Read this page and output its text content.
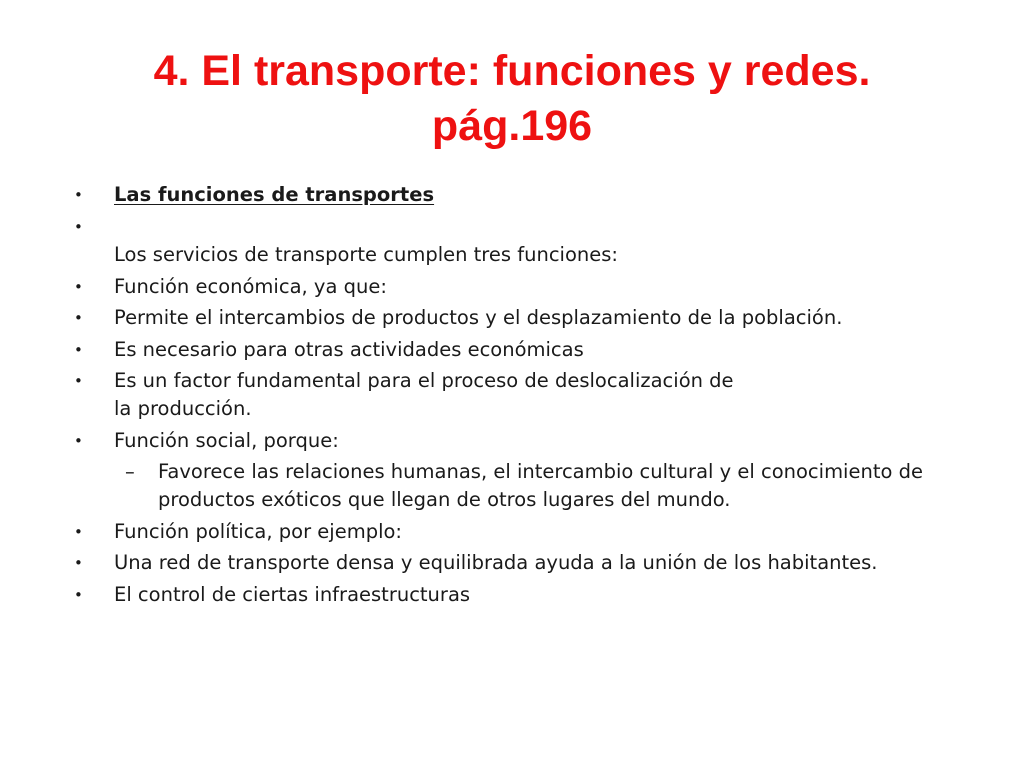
4. El transporte: funciones y redes.
pág.196
•	Las funciones de transportes
•
Los servicios de transporte cumplen tres funciones:
•	Función económica, ya que:
•	Permite el intercambios de productos y el desplazamiento de la población.
•	Es necesario para otras actividades económicas
•	Es un factor fundamental para el proceso de deslocalización de
la producción.
•	Función social, porque:
–	Favorece las relaciones humanas, el intercambio cultural y el conocimiento de productos exóticos que llegan de otros lugares del mundo.
•	Función política, por ejemplo:
•	Una red de transporte densa y equilibrada ayuda a la unión de los habitantes.
•	El control de ciertas infraestructuras
